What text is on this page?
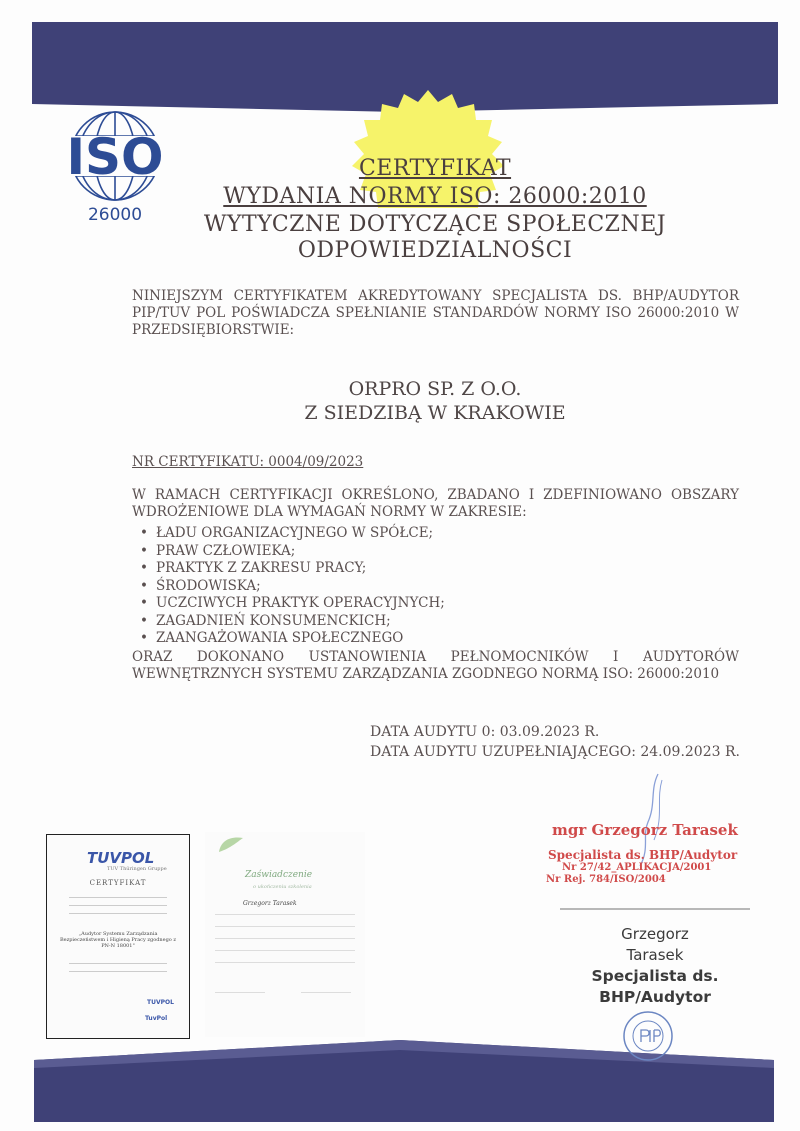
ISO
26000
CERTYFIKAT
WYDANIA NORMY ISO: 26000:2010
WYTYCZNE DOTYCZĄCE SPOŁECZNEJ
ODPOWIEDZIALNOŚCI
NINIEJSZYM CERTYFIKATEM AKREDYTOWANY SPECJALISTA DS. BHP/AUDYTOR PIP/TUV POL POŚWIADCZA SPEŁNIANIE STANDARDÓW NORMY ISO 26000:2010 W PRZEDSIĘBIORSTWIE:
ORPRO SP. Z O.O.
Z SIEDZIBĄ W KRAKOWIE
NR CERTYFIKATU: 0004/09/2023
W RAMACH CERTYFIKACJI OKREŚLONO, ZBADANO I ZDEFINIOWANO OBSZARY WDROŻENIOWE DLA WYMAGAŃ NORMY W ZAKRESIE:
• ŁADU ORGANIZACYJNEGO W SPÓŁCE;
• PRAW CZŁOWIEKA;
• PRAKTYK Z ZAKRESU PRACY;
• ŚRODOWISKA;
• UCZCIWYCH PRAKTYK OPERACYJNYCH;
• ZAGADNIEŃ KONSUMENCKICH;
• ZAANGAŻOWANIA SPOŁECZNEGO
ORAZ DOKONANO USTANOWIENIA PEŁNOMOCNIKÓW I AUDYTORÓW WEWNĘTRZNYCH SYSTEMU ZARZĄDZANIA ZGODNEGO NORMĄ ISO: 26000:2010
DATA AUDYTU 0: 03.09.2023 R.
DATA AUDYTU UZUPEŁNIAJĄCEGO: 24.09.2023 R.
TUVPOL
TUV Thüringen Gruppe
CERTYFIKAT
„Audytor Systemu Zarządzania Bezpieczeństwem i Higieną Pracy zgodnego z PN-N 18001"
TUVPOL
TuvPol
Zaświadczenie
o ukończeniu szkolenia
Grzegorz Tarasek
mgr Grzegorz Tarasek
Specjalista ds. BHP/Audytor
Nr 27/42_APLIKACJA/2001
Nr Rej. 784/ISO/2004
Grzegorz
Tarasek
Specjalista ds.
BHP/Audytor
